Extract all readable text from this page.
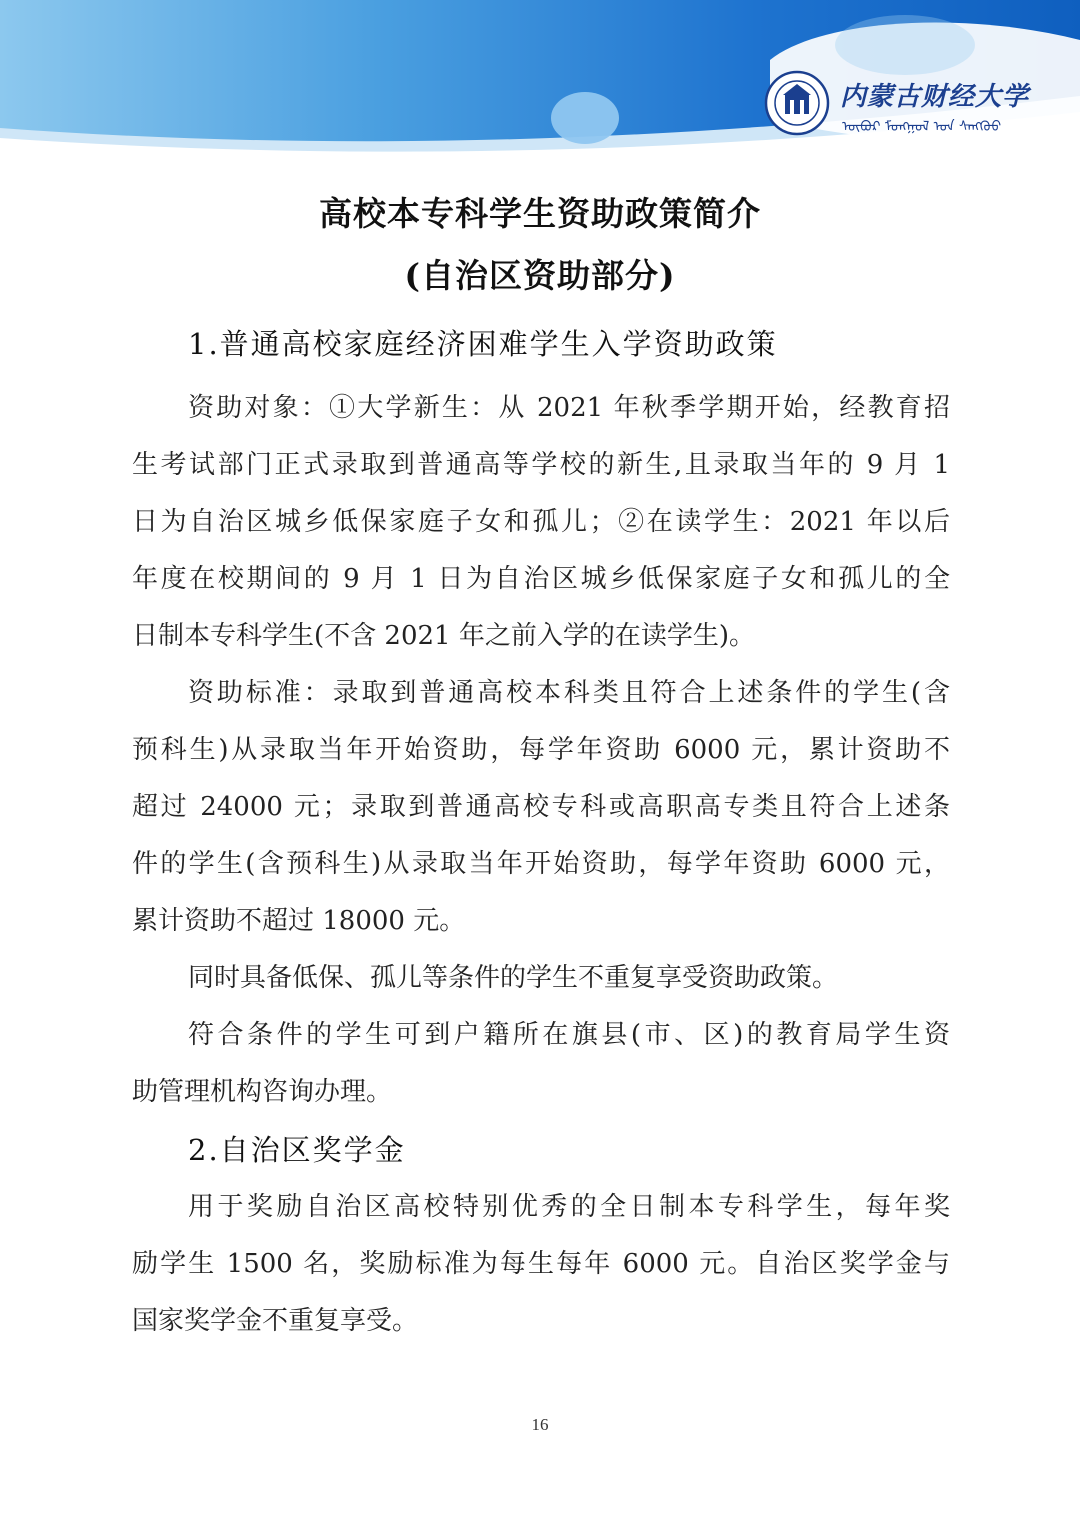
内蒙古财经大学
ᠦᠪᠦᠷ ᠮᠣᠩᠭᠣᠯ ᠤᠨ ᠰᠠᠩᠬᠦᠦ
高校本专科学生资助政策简介
(自治区资助部分)
1.普通高校家庭经济困难学生入学资助政策
资助对象：①大学新生：从 2021 年秋季学期开始，经教育招
生考试部门正式录取到普通高等学校的新生,且录取当年的 9 月 1
日为自治区城乡低保家庭子女和孤儿；②在读学生：2021 年以后
年度在校期间的 9 月 1 日为自治区城乡低保家庭子女和孤儿的全
日制本专科学生(不含 2021 年之前入学的在读学生)。
资助标准：录取到普通高校本科类且符合上述条件的学生(含
预科生)从录取当年开始资助，每学年资助 6000 元，累计资助不
超过 24000 元；录取到普通高校专科或高职高专类且符合上述条
件的学生(含预科生)从录取当年开始资助，每学年资助 6000 元，
累计资助不超过 18000 元。
同时具备低保、孤儿等条件的学生不重复享受资助政策。
符合条件的学生可到户籍所在旗县(市、区)的教育局学生资
助管理机构咨询办理。
2.自治区奖学金
用于奖励自治区高校特别优秀的全日制本专科学生，每年奖
励学生 1500 名，奖励标准为每生每年 6000 元。自治区奖学金与
国家奖学金不重复享受。
16
